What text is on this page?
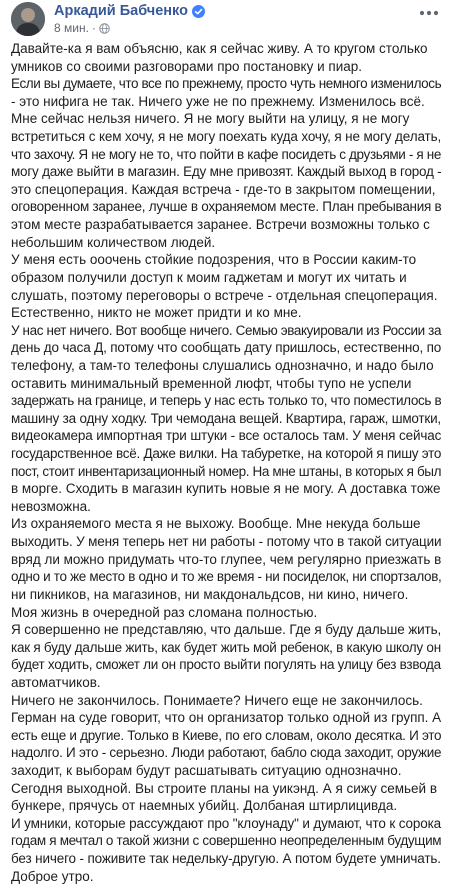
Аркадий Бабченко
8 мин. ·
Давайте-ка я вам объясню, как я сейчас живу. А то кругом столько
умников со своими разговорами про постановку и пиар.
Если вы думаете, что все по прежнему, просто чуть немного изменилось
- это нифига не так. Ничего уже не по прежнему. Изменилось всё.
Мне сейчас нельзя ничего. Я не могу выйти на улицу, я не могу
встретиться с кем хочу, я не могу поехать куда хочу, я не могу делать,
что захочу. Я не могу не то, что пойти в кафе посидеть с друзьями - я не
могу даже выйти в магазин. Еду мне привозят. Каждый выход в город -
это спецоперация. Каждая встреча - где-то в закрытом помещении,
оговоренном заранее, лучше в охраняемом месте. План пребывания в
этом месте разрабатывается заранее. Встречи возможны только с
небольшим количеством людей.
У меня есть ооочень стойкие подозрения, что в России каким-то
образом получили доступ к моим гаджетам и могут их читать и
слушать, поэтому переговоры о встрече - отдельная спецоперация.
Естественно, никто не может придти и ко мне.
У нас нет ничего. Вот вообще ничего. Семью эвакуировали из России за
день до часа Д, потому что сообщать дату пришлось, естественно, по
телефону, а там-то телефоны слушались однозначно, и надо было
оставить минимальный временной люфт, чтобы тупо не успели
задержать на границе, и теперь у нас есть только то, что поместилось в
машину за одну ходку. Три чемодана вещей. Квартира, гараж, шмотки,
видеокамера импортная три штуки - все осталось там. У меня сейчас
государственное всё. Даже вилки. На табуретке, на которой я пишу это
пост, стоит инвентаризационный номер. На мне штаны, в которых я был
в морге. Сходить в магазин купить новые я не могу. А доставка тоже
невозможна.
Из охраняемого места я не выхожу. Вообще. Мне некуда больше
выходить. У меня теперь нет ни работы - потому что в такой ситуации
вряд ли можно придумать что-то глупее, чем регулярно приезжать в
одно и то же место в одно и то же время - ни посиделок, ни спортзалов,
ни пикников, на магазинов, ни макдональдсов, ни кино, ничего.
Моя жизнь в очередной раз сломана полностью.
Я совершенно не представляю, что дальше. Где я буду дальше жить,
как я буду дальше жить, как будет жить мой ребенок, в какую школу он
будет ходить, сможет ли он просто выйти погулять на улицу без взвода
автоматчиков.
Ничего не закончилось. Понимаете? Ничего еще не закончилось.
Герман на суде говорит, что он организатор только одной из групп. А
есть еще и другие. Только в Киеве, по его словам, около десятка. И это
надолго. И это - серьезно. Люди работают, бабло сюда заходит, оружие
заходит, к выборам будут расшатывать ситуацию однозначно.
Сегодня выходной. Вы строите планы на уикэнд. А я сижу семьей в
бункере, прячусь от наемных убийц. Долбаная штирлицивда.
И умники, которые рассуждают про "клоунаду" и думают, что к сорока
годам я мечтал о такой жизни с совершенно неопределенным будущим
без ничего - поживите так недельку-другую. А потом будете умничать.
Доброе утро.
